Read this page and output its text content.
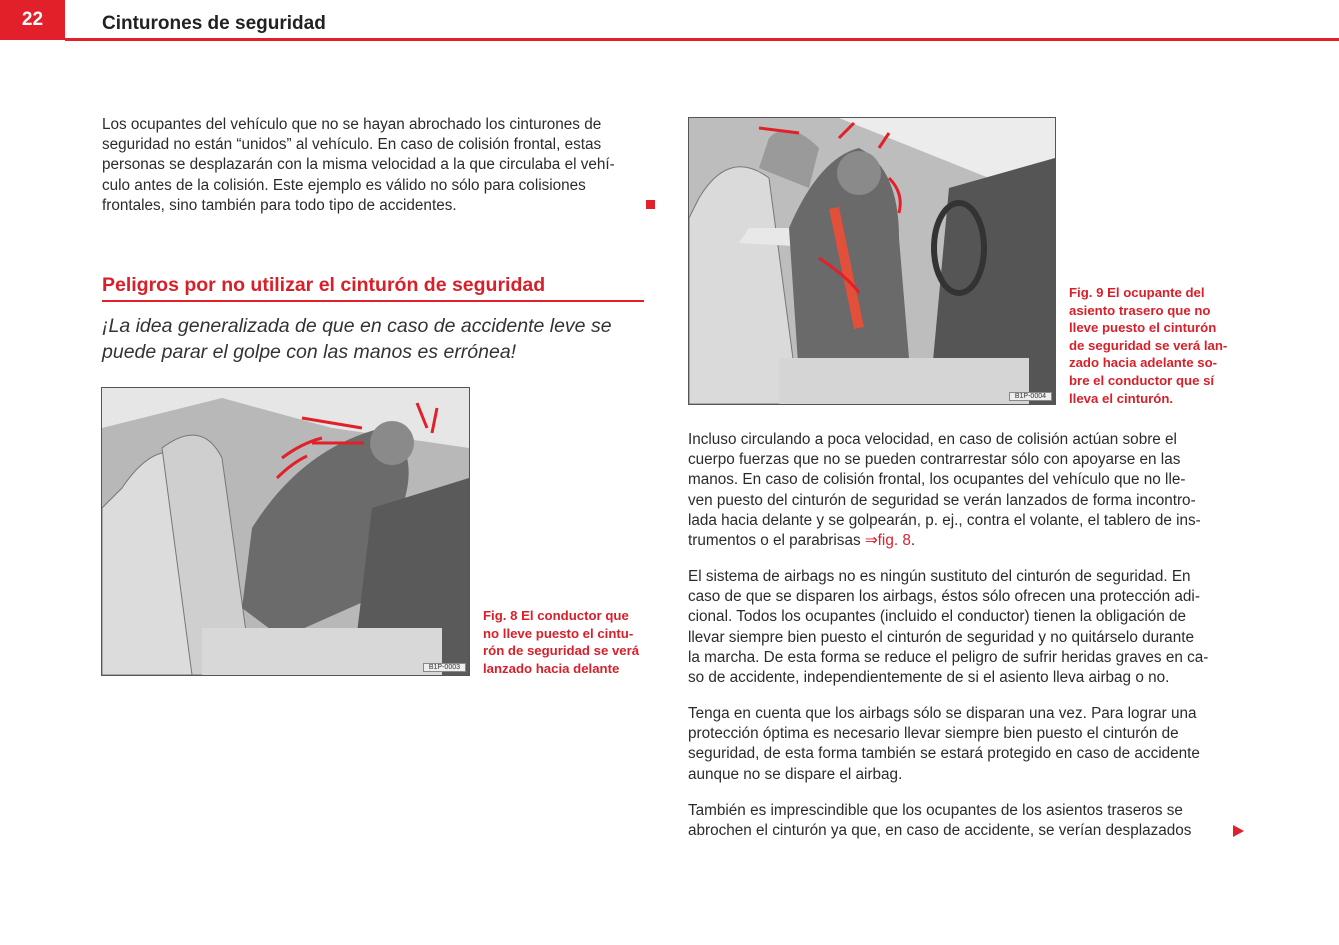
22	Cinturones de seguridad
Los ocupantes del vehículo que no se hayan abrochado los cinturones de
seguridad no están “unidos” al vehículo. En caso de colisión frontal, estas
personas se desplazarán con la misma velocidad a la que circulaba el vehí-
culo antes de la colisión. Este ejemplo es válido no sólo para colisiones
frontales, sino también para todo tipo de accidentes.
Peligros por no utilizar el cinturón de seguridad
¡La idea generalizada de que en caso de accidente leve se
puede parar el golpe con las manos es errónea!
B1P-0003
Fig. 8 El conductor que
no lleve puesto el cintu-
rón de seguridad se verá
lanzado hacia delante
B1P-0004
Fig. 9 El ocupante del
asiento trasero que no
lleve puesto el cinturón
de seguridad se verá lan-
zado hacia adelante so-
bre el conductor que sí
lleva el cinturón.
Incluso circulando a poca velocidad, en caso de colisión actúan sobre el
cuerpo fuerzas que no se pueden contrarrestar sólo con apoyarse en las
manos. En caso de colisión frontal, los ocupantes del vehículo que no lle-
ven puesto del cinturón de seguridad se verán lanzados de forma incontro-
lada hacia delante y se golpearán, p. ej., contra el volante, el tablero de ins-
trumentos o el parabrisas ⇒fig. 8.
El sistema de airbags no es ningún sustituto del cinturón de seguridad. En
caso de que se disparen los airbags, éstos sólo ofrecen una protección adi-
cional. Todos los ocupantes (incluido el conductor) tienen la obligación de
llevar siempre bien puesto el cinturón de seguridad y no quitárselo durante
la marcha. De esta forma se reduce el peligro de sufrir heridas graves en ca-
so de accidente, independientemente de si el asiento lleva airbag o no.
Tenga en cuenta que los airbags sólo se disparan una vez. Para lograr una
protección óptima es necesario llevar siempre bien puesto el cinturón de
seguridad, de esta forma también se estará protegido en caso de accidente
aunque no se dispare el airbag.
También es imprescindible que los ocupantes de los asientos traseros se
abrochen el cinturón ya que, en caso de accidente, se verían desplazados
